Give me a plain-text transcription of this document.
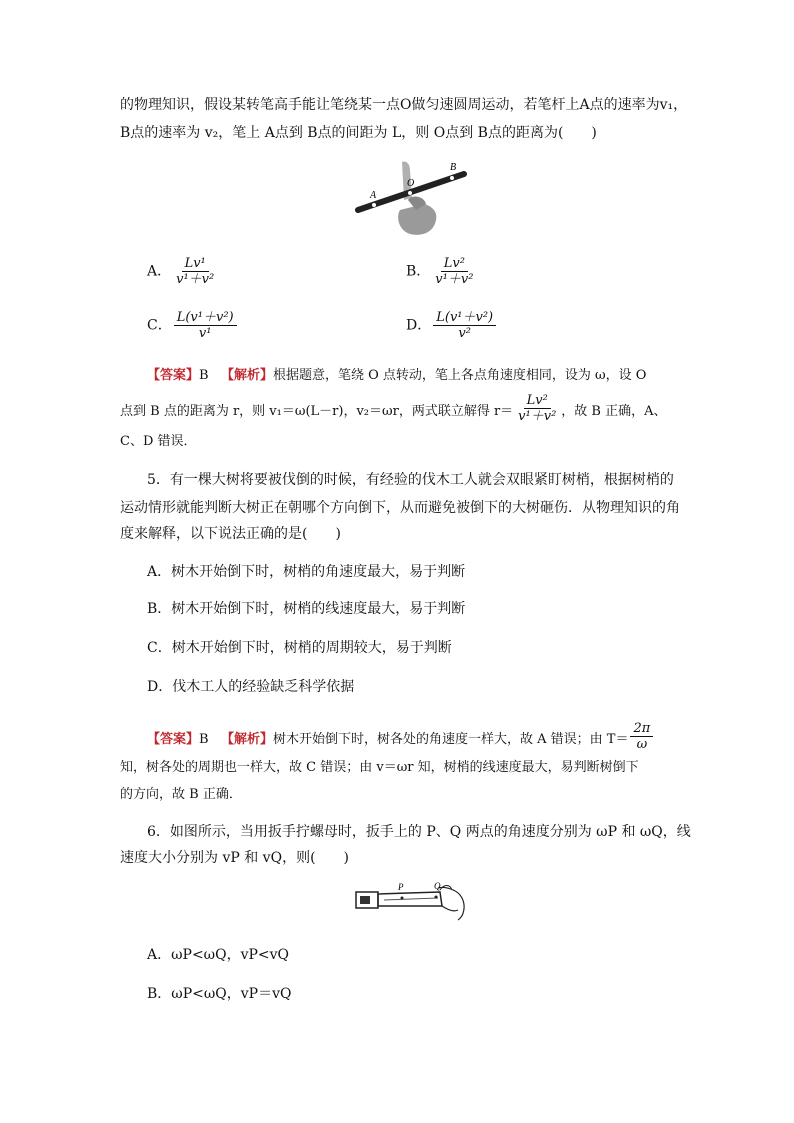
的物理知识，假设某转笔高手能让笔绕某一点O做匀速圆周运动，若笔杆上A点的速率为v₁，
B点的速率为 v₂，笔上 A点到 B点的间距为 L，则 O点到 B点的距离为(　　)
A
O
B
A． $\frac{\text{Lv¹}}{\text{v¹＋v²}}$	B． $\frac{\text{Lv²}}{\text{v¹＋v²}}$
C． $\frac{\text{L(v¹＋v²)}}{\text{v¹}}$	D． $\frac{\text{L(v¹＋v²)}}{\text{v²}}$
【答案】B 【解析】根据题意，笔绕 O 点转动，笔上各点角速度相同，设为 ω，设 O
点到 B 点的距离为 r，则 v₁＝ω(L－r)，v₂＝ωr，两式联立解得 $r= \frac{\text{Lv²}}{\text{v¹＋v²}}$ ，故 B 正确，A、
C、D 错误．
5．有一棵大树将要被伐倒的时候，有经验的伐木工人就会双眼紧盯树梢，根据树梢的
运动情形就能判断大树正在朝哪个方向倒下，从而避免被倒下的大树砸伤．从物理知识的角
度来解释，以下说法正确的是(　　)
A．树木开始倒下时，树梢的角速度最大，易于判断
B．树木开始倒下时，树梢的线速度最大，易于判断
C．树木开始倒下时，树梢的周期较大，易于判断
D．伐木工人的经验缺乏科学依据
【答案】B 【解析】树木开始倒下时，树各处的角速度一样大，故 A 错误；由 $T= \frac{2\pi}{\omega}$
知，树各处的周期也一样大，故 C 错误；由 v＝ωr 知，树梢的线速度最大，易判断树倒下
的方向，故 B 正确．
6．如图所示，当用扳手拧螺母时，扳手上的 P、Q 两点的角速度分别为 ωP 和 ωQ，线
速度大小分别为 vP 和 vQ，则(　　)
P	Q
A．ωP<ωQ，vP<vQ
B．ωP<ωQ，vP＝vQ
